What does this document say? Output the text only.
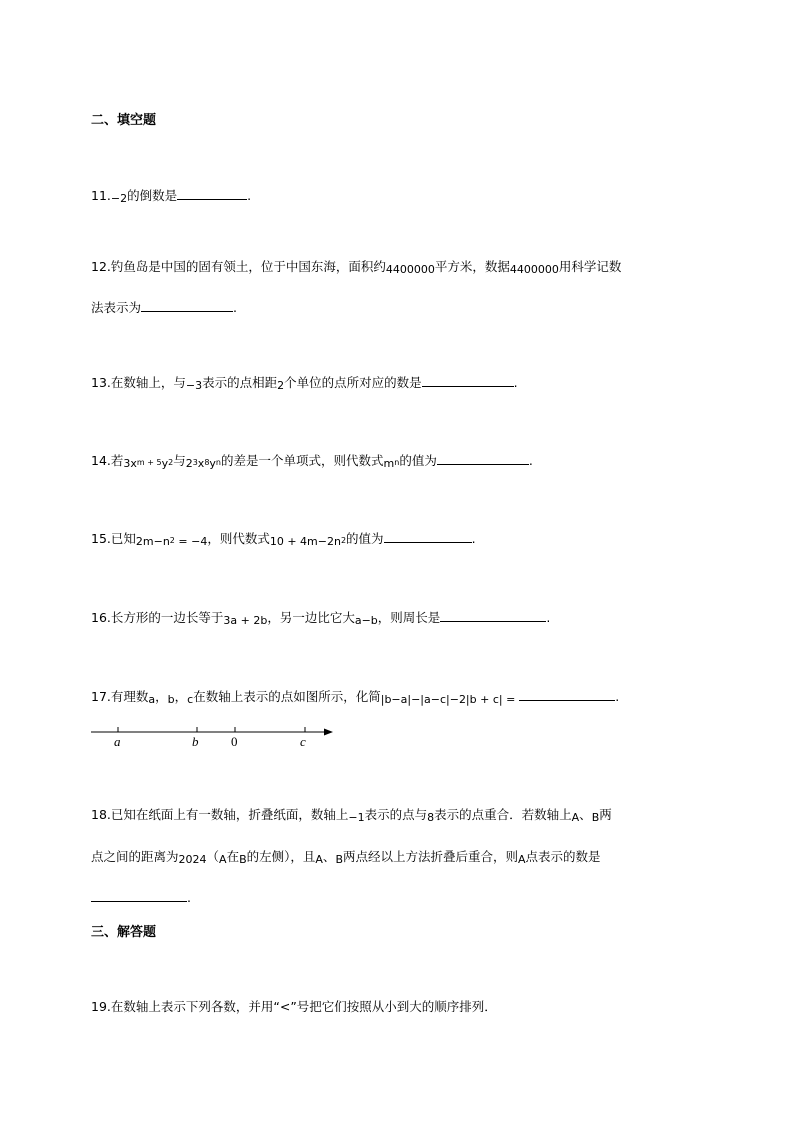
二、填空题
11.−2的倒数是	.
12.钓鱼岛是中国的固有领土，位于中国东海，面积约4400000平方米，数据4400000用科学记数
法表示为	.
13.在数轴上，与−3表示的点相距2个单位的点所对应的数是	.
14.若$3x^{m + 5}y^2$与$2^3x^8y^n$的差是一个单项式，则代数式$m^n$的值为	.
15.已知$2m-n^2 = -4$，则代数式$10 + 4m-2n^2$的值为	.
16.长方形的一边长等于3a + 2b，另一边比它大a−b，则周长是	.
17.有理数a，b，c在数轴上表示的点如图所示，化简|b−a|−|a−c|−2|b + c| =	.
a	b	0	c
18.已知在纸面上有一数轴，折叠纸面，数轴上−1表示的点与8表示的点重合．若数轴上A、B两
点之间的距离为2024（A在B的左侧），且A、B两点经以上方法折叠后重合，则A点表示的数是
.
三、解答题
19.在数轴上表示下列各数，并用“<”号把它们按照从小到大的顺序排列．
